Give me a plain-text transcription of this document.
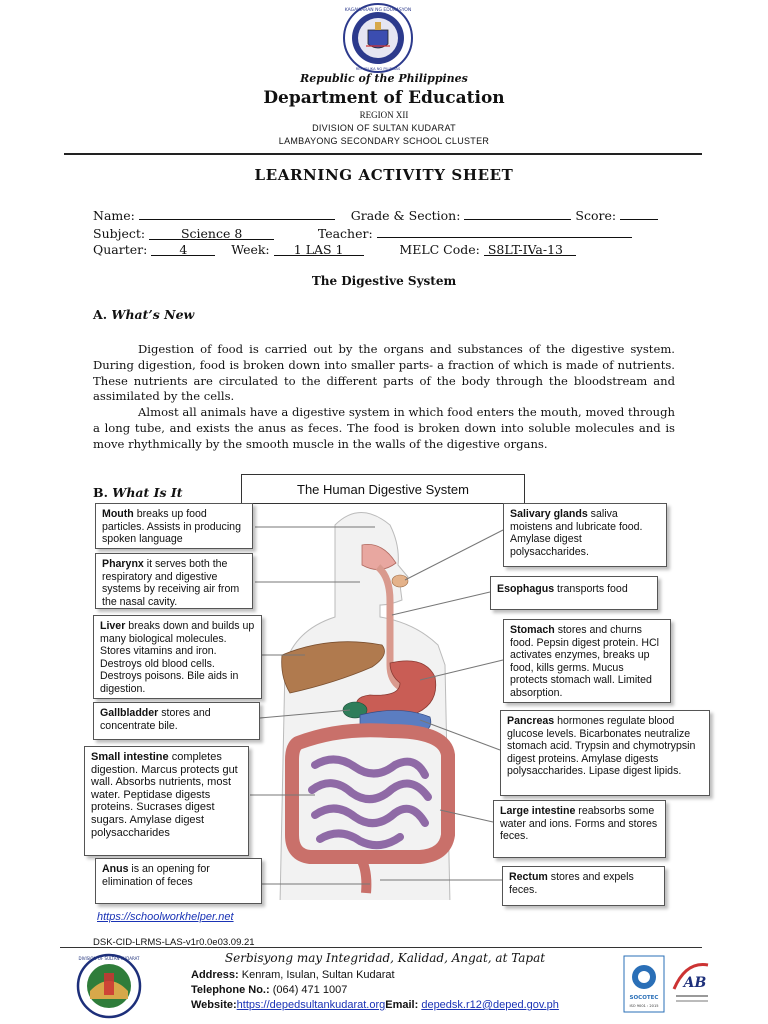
KAGAWARAN NG EDUKASYON
REPUBLIKA NG PILIPINAS
Republic of the Philippines
Department of Education
REGION XII
DIVISION OF SULTAN KUDARAT
LAMBAYONG SECONDARY SCHOOL CLUSTER
LEARNING ACTIVITY SHEET
Name:	Grade & Section:	Score:
Subject:	Science 8	Teacher:
Quarter:	4	Week: 1 LAS 1	MELC Code: S8LT-IVa-13
The Digestive System
A. What’s New
Digestion of food is carried out by the organs and substances of the digestive system. During digestion, food is broken down into smaller parts- a fraction of which is made of nutrients. These nutrients are circulated to the different parts of the body through the bloodstream and assimilated by the cells.
Almost all animals have a digestive system in which food enters the mouth, moved through a long tube, and exists the anus as feces. The food is broken down into soluble molecules and is move rhythmically by the smooth muscle in the walls of the digestive organs.
B. What Is It	The Human Digestive System
Mouth breaks up food particles. Assists in producing spoken language
Pharynx it serves both the respiratory and digestive systems by receiving air from the nasal cavity.
Liver breaks down and builds up many biological molecules. Stores vitamins and iron. Destroys old blood cells. Destroys poisons. Bile aids in digestion.
Gallbladder stores and concentrate bile.
Small intestine completes digestion. Marcus protects gut wall. Absorbs nutrients, most water. Peptidase digests proteins. Sucrases digest sugars. Amylase digest polysaccharides
Anus is an opening for elimination of feces
Salivary glands saliva moistens and lubricate food. Amylase digest polysaccharides.
Esophagus transports food
Stomach stores and churns food. Pepsin digest protein. HCl activates enzymes, breaks up food, kills germs. Mucus protects stomach wall. Limited absorption.
Pancreas hormones regulate blood glucose levels. Bicarbonates neutralize stomach acid. Trypsin and chymotrypsin digest proteins. Amylase digests polysaccharides. Lipase digest lipids.
Large intestine reabsorbs some water and ions. Forms and stores feces.
Rectum stores and expels feces.
https://schoolworkhelper.net
DSK-CID-LRMS-LAS-v1r0.0e03.09.21
Serbisyong may Integridad, Kalidad, Angat, at Tapat
DIVISION OF SULTAN KUDARAT
Address: Kenram, Isulan, Sultan Kudarat
Telephone No.: (064) 471 1007
Website:https://depedsultankudarat.orgEmail: depedsk.r12@deped.gov.ph
SOCOTEC
ISO 9001 : 2015
AB
